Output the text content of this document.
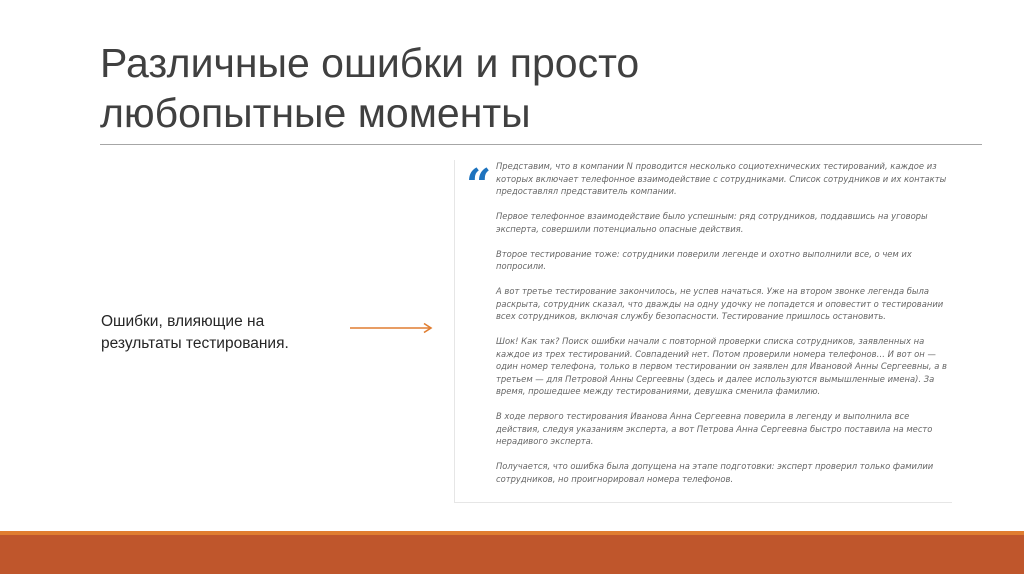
Различные ошибки и просто
любопытные моменты
Ошибки, влияющие на
результаты тестирования.
“ Представим, что в компании N проводится несколько социотехнических тестирований, каждое из которых включает телефонное взаимодействие с сотрудниками. Список сотрудников и их контакты предоставлял представитель компании.

Первое телефонное взаимодействие было успешным: ряд сотрудников, поддавшись на уговоры эксперта, совершили потенциально опасные действия.

Второе тестирование тоже: сотрудники поверили легенде и охотно выполнили все, о чем их попросили.

А вот третье тестирование закончилось, не успев начаться. Уже на втором звонке легенда была раскрыта, сотрудник сказал, что дважды на одну удочку не попадется и оповестит о тестировании всех сотрудников, включая службу безопасности. Тестирование пришлось остановить.

Шок! Как так? Поиск ошибки начали с повторной проверки списка сотрудников, заявленных на каждое из трех тестирований. Совпадений нет. Потом проверили номера телефонов… И вот он — один номер телефона, только в первом тестировании он заявлен для Ивановой Анны Сергеевны, а в третьем — для Петровой Анны Сергеевны (здесь и далее используются вымышленные имена). За время, прошедшее между тестированиями, девушка сменила фамилию.

В ходе первого тестирования Иванова Анна Сергеевна поверила в легенду и выполнила все действия, следуя указаниям эксперта, а вот Петрова Анна Сергеевна быстро поставила на место нерадивого эксперта.

Получается, что ошибка была допущена на этапе подготовки: эксперт проверил только фамилии сотрудников, но проигнорировал номера телефонов.
